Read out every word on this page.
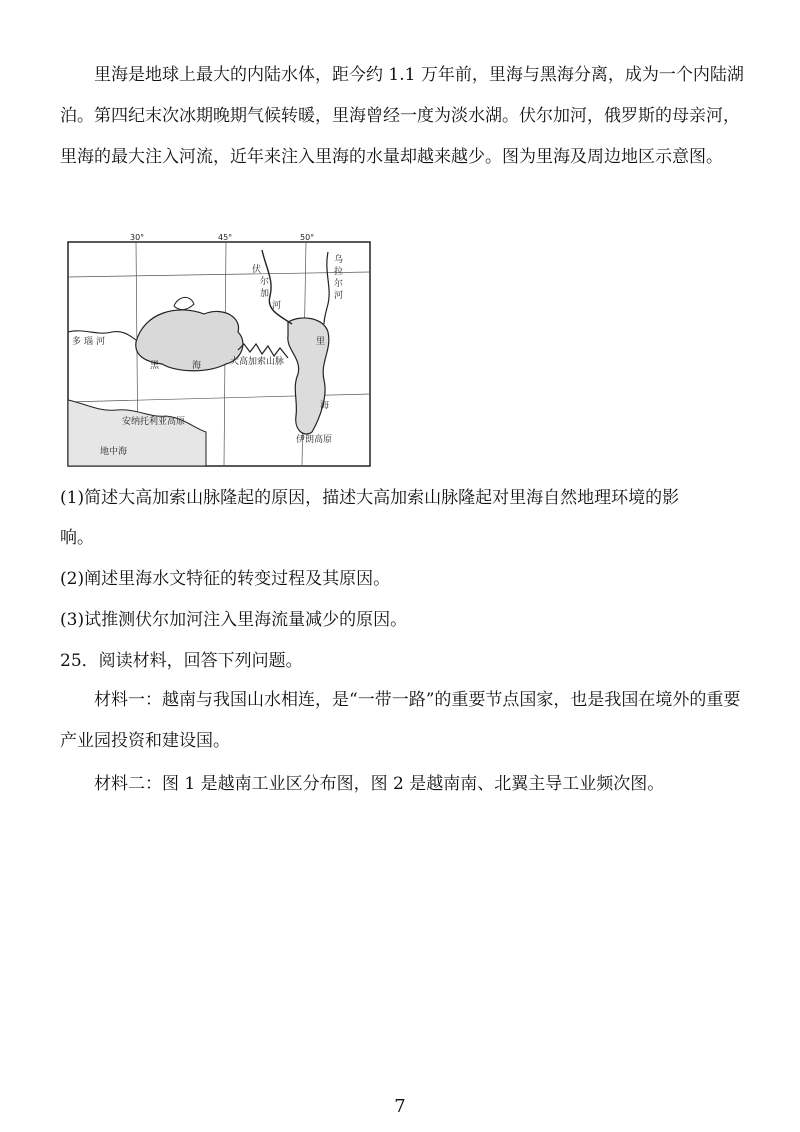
里海是地球上最大的内陆水体，距今约 1.1 万年前，里海与黑海分离，成为一个内陆湖泊。第四纪末次冰期晚期气候转暖，里海曾经一度为淡水湖。伏尔加河，俄罗斯的母亲河，里海的最大注入河流，近年来注入里海的水量却越来越少。图为里海及周边地区示意图。

30°	45°	50°
伏
尔
加
河
乌
拉
尔
河
多 瑙 河
黑	海	大高加索山脉
里
海
安纳托利亚高原
地中海
伊朗高原

(1)简述大高加索山脉隆起的原因，描述大高加索山脉隆起对里海自然地理环境的影

响。

(2)阐述里海水文特征的转变过程及其原因。

(3)试推测伏尔加河注入里海流量减少的原因。

25．阅读材料，回答下列问题。

材料一：越南与我国山水相连，是“一带一路”的重要节点国家，也是我国在境外的重要产业园投资和建设国。

材料二：图 1 是越南工业区分布图，图 2 是越南南、北翼主导工业频次图。

7
